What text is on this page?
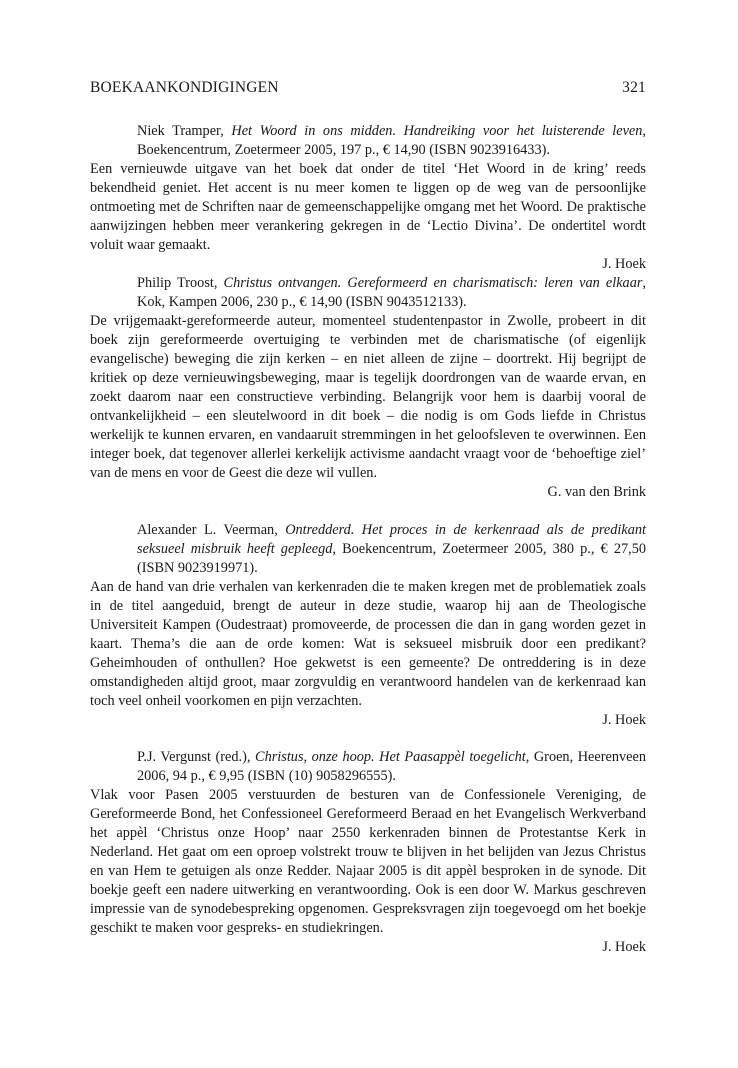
BOEKAANKONDIGINGEN	321
Niek Tramper, Het Woord in ons midden. Handreiking voor het luisterende leven, Boekencentrum, Zoetermeer 2005, 197 p., € 14,90 (ISBN 9023916433).
Een vernieuwde uitgave van het boek dat onder de titel ‘Het Woord in de kring’ reeds bekendheid geniet. Het accent is nu meer komen te liggen op de weg van de persoonlijke ontmoeting met de Schriften naar de gemeenschappelijke omgang met het Woord. De praktische aanwijzingen hebben meer verankering gekregen in de ‘Lectio Divina’. De ondertitel wordt voluit waar gemaakt.
J. Hoek
Philip Troost, Christus ontvangen. Gereformeerd en charismatisch: leren van elkaar, Kok, Kampen 2006, 230 p., € 14,90 (ISBN 9043512133).
De vrijgemaakt-gereformeerde auteur, momenteel studentenpastor in Zwolle, probeert in dit boek zijn gereformeerde overtuiging te verbinden met de charismatische (of eigenlijk evangelische) beweging die zijn kerken – en niet alleen de zijne – doortrekt. Hij begrijpt de kritiek op deze vernieuwingsbeweging, maar is tegelijk doordrongen van de waarde ervan, en zoekt daarom naar een constructieve verbinding. Belangrijk voor hem is daarbij vooral de ontvankelijkheid – een sleutelwoord in dit boek – die nodig is om Gods liefde in Christus werkelijk te kunnen ervaren, en vandaaruit stremmingen in het geloofsleven te overwinnen. Een integer boek, dat tegenover allerlei kerkelijk activisme aandacht vraagt voor de ‘behoeftige ziel’ van de mens en voor de Geest die deze wil vullen.
G. van den Brink
Alexander L. Veerman, Ontredderd. Het proces in de kerkenraad als de predikant seksueel misbruik heeft gepleegd, Boekencentrum, Zoetermeer 2005, 380 p., € 27,50 (ISBN 9023919971).
Aan de hand van drie verhalen van kerkenraden die te maken kregen met de problematiek zoals in de titel aangeduid, brengt de auteur in deze studie, waarop hij aan de Theologische Universiteit Kampen (Oudestraat) promoveerde, de processen die dan in gang worden gezet in kaart. Thema’s die aan de orde komen: Wat is seksueel misbruik door een predikant? Geheimhouden of onthullen? Hoe gekwetst is een gemeente? De ontreddering is in deze omstandigheden altijd groot, maar zorgvuldig en verantwoord handelen van de kerkenraad kan toch veel onheil voorkomen en pijn verzachten.
J. Hoek
P.J. Vergunst (red.), Christus, onze hoop. Het Paasappèl toegelicht, Groen, Heerenveen 2006, 94 p., € 9,95 (ISBN (10) 9058296555).
Vlak voor Pasen 2005 verstuurden de besturen van de Confessionele Vereniging, de Gereformeerde Bond, het Confessioneel Gereformeerd Beraad en het Evangelisch Werkverband het appèl ‘Christus onze Hoop’ naar 2550 kerkenraden binnen de Protestantse Kerk in Nederland. Het gaat om een oproep volstrekt trouw te blijven in het belijden van Jezus Christus en van Hem te getuigen als onze Redder. Najaar 2005 is dit appèl besproken in de synode. Dit boekje geeft een nadere uitwerking en verantwoording. Ook is een door W. Markus geschreven impressie van de synodebespreking opgenomen. Gespreksvragen zijn toegevoegd om het boekje geschikt te maken voor gespreks- en studiekringen.
J. Hoek
